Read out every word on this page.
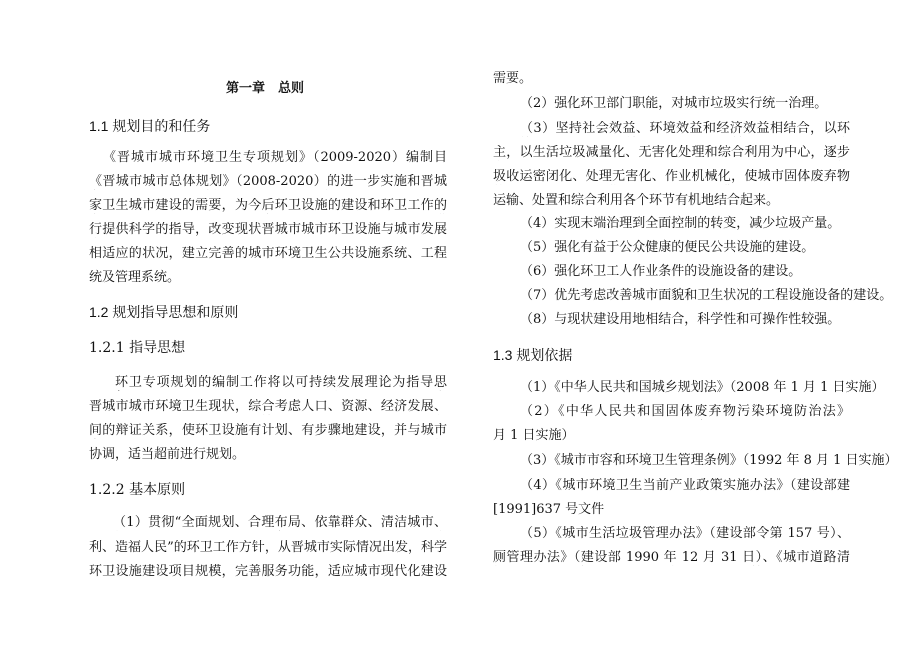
第一章　总则
1.1 规划目的和任务
《晋城市城市环境卫生专项规划》（2009-2020）编制目
《晋城市城市总体规划》（2008-2020）的进一步实施和晋城
家卫生城市建设的需要，为今后环卫设施的建设和环卫工作的
行提供科学的指导，改变现状晋城市城市环卫设施与城市发展
相适应的状况，建立完善的城市环境卫生公共设施系统、工程
统及管理系统。
1.2 规划指导思想和原则
1.2.1 指导思想
环卫专项规划的编制工作将以可持续发展理论为指导思
晋城市城市环境卫生现状，综合考虑人口、资源、经济发展、
间的辩证关系，使环卫设施有计划、有步骤地建设，并与城市
协调，适当超前进行规划。
1.2.2 基本原则
（1）贯彻“全面规划、合理布局、依靠群众、清洁城市、
利、造福人民”的环卫工作方针，从晋城市实际情况出发，科学
环卫设施建设项目规模，完善服务功能，适应城市现代化建设
需要。
（2）强化环卫部门职能，对城市垃圾实行统一治理。
（3）坚持社会效益、环境效益和经济效益相结合，以环
主，以生活垃圾减量化、无害化处理和综合利用为中心，逐步
圾收运密闭化、处理无害化、作业机械化，使城市固体废弃物
运输、处置和综合利用各个环节有机地结合起来。
（4）实现末端治理到全面控制的转变，减少垃圾产量。
（5）强化有益于公众健康的便民公共设施的建设。
（6）强化环卫工人作业条件的设施设备的建设。
（7）优先考虑改善城市面貌和卫生状况的工程设施设备的建设。
（8）与现状建设用地相结合，科学性和可操作性较强。
1.3 规划依据
（1）《中华人民共和国城乡规划法》（2008 年 1 月 1 日实施）
（2）《中华人民共和国固体废弃物污染环境防治法》
月 1 日实施）
（3）《城市市容和环境卫生管理条例》（1992 年 8 月 1 日实施）
（4）《城市环境卫生当前产业政策实施办法》（建设部建
[1991]637 号文件
（5）《城市生活垃圾管理办法》（建设部令第 157 号）、
厕管理办法》（建设部 1990 年 12 月 31 日）、《城市道路清
